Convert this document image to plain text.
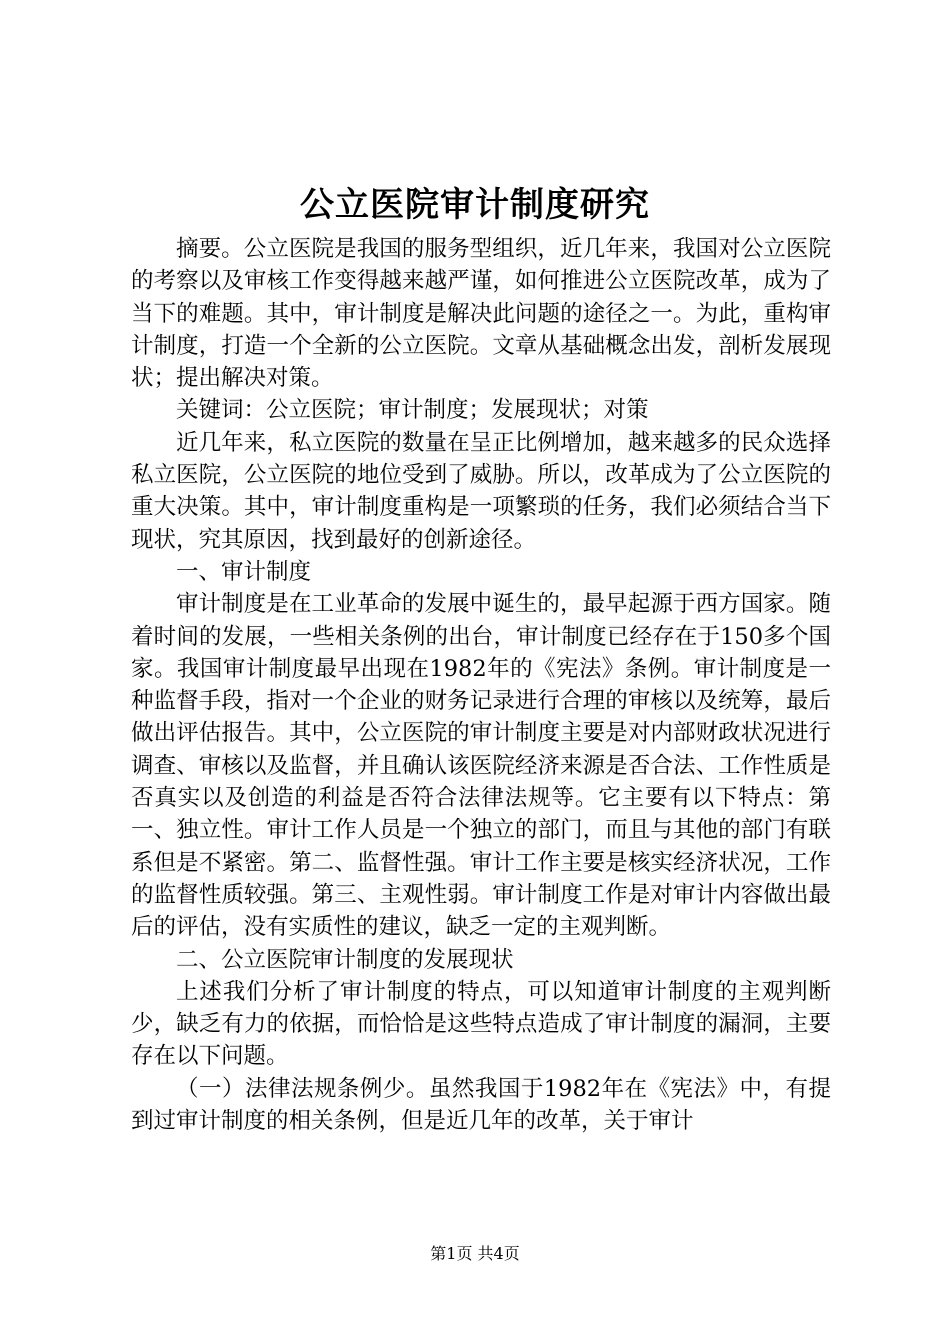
公立医院审计制度研究

摘要。公立医院是我国的服务型组织，近几年来，我国对公立医院的考察以及审核工作变得越来越严谨，如何推进公立医院改革，成为了当下的难题。其中，审计制度是解决此问题的途径之一。为此，重构审计制度，打造一个全新的公立医院。文章从基础概念出发，剖析发展现状；提出解决对策。

关键词：公立医院；审计制度；发展现状；对策

近几年来，私立医院的数量在呈正比例增加，越来越多的民众选择私立医院，公立医院的地位受到了威胁。所以，改革成为了公立医院的重大决策。其中，审计制度重构是一项繁琐的任务，我们必须结合当下现状，究其原因，找到最好的创新途径。

一、审计制度

审计制度是在工业革命的发展中诞生的，最早起源于西方国家。随着时间的发展，一些相关条例的出台，审计制度已经存在于150多个国家。我国审计制度最早出现在1982年的《宪法》条例。审计制度是一种监督手段，指对一个企业的财务记录进行合理的审核以及统筹，最后做出评估报告。其中，公立医院的审计制度主要是对内部财政状况进行调查、审核以及监督，并且确认该医院经济来源是否合法、工作性质是否真实以及创造的利益是否符合法律法规等。它主要有以下特点：第一、独立性。审计工作人员是一个独立的部门，而且与其他的部门有联系但是不紧密。第二、监督性强。审计工作主要是核实经济状况，工作的监督性质较强。第三、主观性弱。审计制度工作是对审计内容做出最后的评估，没有实质性的建议，缺乏一定的主观判断。

二、公立医院审计制度的发展现状

上述我们分析了审计制度的特点，可以知道审计制度的主观判断少，缺乏有力的依据，而恰恰是这些特点造成了审计制度的漏洞，主要存在以下问题。

（一）法律法规条例少。虽然我国于1982年在《宪法》中，有提到过审计制度的相关条例，但是近几年的改革，关于审计

第1页 共4页
